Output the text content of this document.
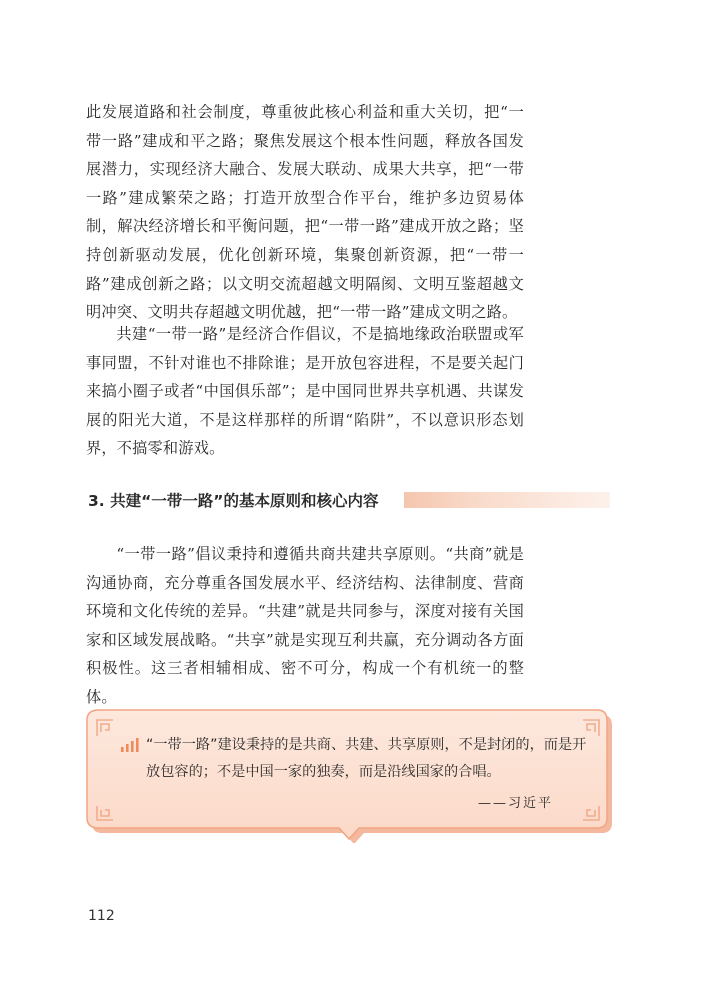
此发展道路和社会制度，尊重彼此核心利益和重大关切，把“一带一路”建成和平之路；聚焦发展这个根本性问题，释放各国发展潜力，实现经济大融合、发展大联动、成果大共享，把“一带一路”建成繁荣之路；打造开放型合作平台，维护多边贸易体制，解决经济增长和平衡问题，把“一带一路”建成开放之路；坚持创新驱动发展，优化创新环境，集聚创新资源，把“一带一路”建成创新之路；以文明交流超越文明隔阂、文明互鉴超越文明冲突、文明共存超越文明优越，把“一带一路”建成文明之路。

共建“一带一路”是经济合作倡议，不是搞地缘政治联盟或军事同盟，不针对谁也不排除谁；是开放包容进程，不是要关起门来搞小圈子或者“中国俱乐部”；是中国同世界共享机遇、共谋发展的阳光大道，不是这样那样的所谓“陷阱”，不以意识形态划界，不搞零和游戏。

3. 共建“一带一路”的基本原则和核心内容

“一带一路”倡议秉持和遵循共商共建共享原则。“共商”就是沟通协商，充分尊重各国发展水平、经济结构、法律制度、营商环境和文化传统的差异。“共建”就是共同参与，深度对接有关国家和区域发展战略。“共享”就是实现互利共赢，充分调动各方面积极性。这三者相辅相成、密不可分，构成一个有机统一的整体。

“一带一路”建设秉持的是共商、共建、共享原则，不是封闭的，而是开放包容的；不是中国一家的独奏，而是沿线国家的合唱。

——习近平
112
